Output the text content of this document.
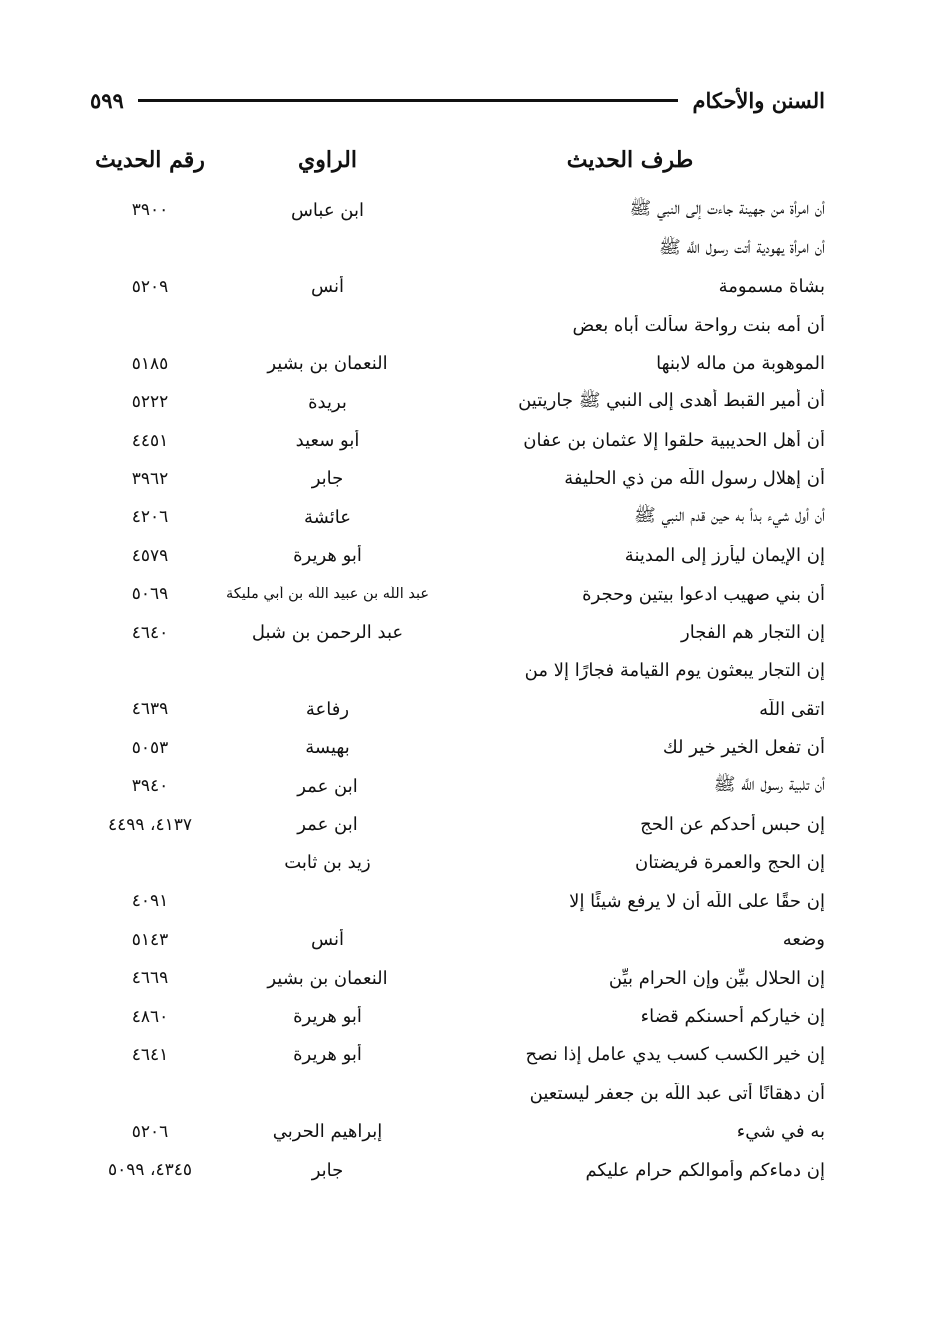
السنن والأحكام
٥٩٩
طرف الحديث
الراوي
رقم الحديث
أن امرأة من جهينة جاءت إلى النبي ﷺ
ابن عباس
٣٩٠٠
أن امرأة يهودية أتت رسول اللَّه ﷺ
بشاة مسمومة
أنس
٥٢٠٩
أن أمه بنت رواحة سألت أباه بعض
الموهوبة من ماله لابنها
النعمان بن بشير
٥١٨٥
أن أمير القبط أهدى إلى النبي ﷺ جاريتين
بريدة
٥٢٢٢
أن أهل الحديبية حلقوا إلا عثمان بن عفان
أبو سعيد
٤٤٥١
أن إهلال رسول اللَّه من ذي الحليفة
جابر
٣٩٦٢
أن أول شيء بدأ به حين قدم النبي ﷺ
عائشة
٤٢٠٦
إن الإيمان ليأرز إلى المدينة
أبو هريرة
٤٥٧٩
أن بني صهيب ادعوا بيتين وحجرة
عبد اللَّه بن عبيد اللَّه بن أبي مليكة
٥٠٦٩
إن التجار هم الفجار
عبد الرحمن بن شبل
٤٦٤٠
إن التجار يبعثون يوم القيامة فجارًا إلا من
اتقى اللَّه
رفاعة
٤٦٣٩
أن تفعل الخير خير لك
بهيسة
٥٠٥٣
أن تلبية رسول اللَّه ﷺ
ابن عمر
٣٩٤٠
إن حبس أحدكم عن الحج
ابن عمر
٤١٣٧، ٤٤٩٩
إن الحج والعمرة فريضتان
زيد بن ثابت
إن حقًا على اللَّه أن لا يرفع شيئًا إلا
٤٠٩١
وضعه
أنس
٥١٤٣
إن الحلال بيِّن وإن الحرام بيِّن
النعمان بن بشير
٤٦٦٩
إن خياركم أحسنكم قضاء
أبو هريرة
٤٨٦٠
إن خير الكسب كسب يدي عامل إذا نصح
أبو هريرة
٤٦٤١
أن دهقانًا أتى عبد اللَّه بن جعفر ليستعين
به في شيء
إبراهيم الحربي
٥٢٠٦
إن دماءكم وأموالكم حرام عليكم
جابر
٤٣٤٥، ٥٠٩٩
